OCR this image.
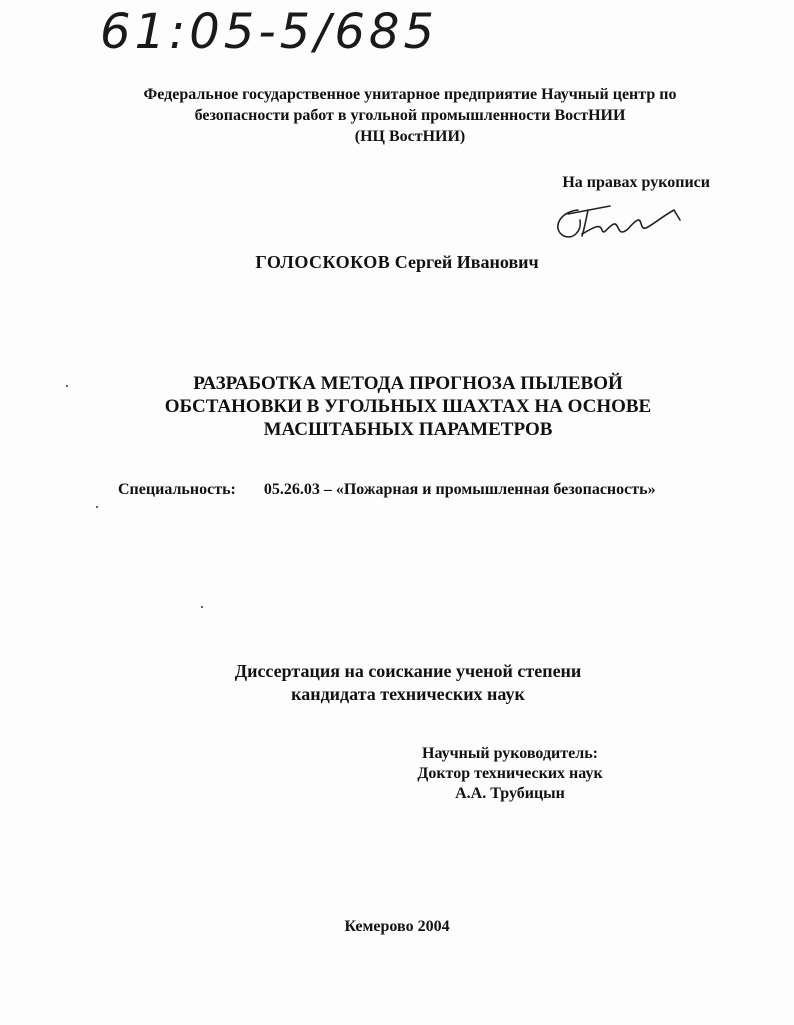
61:05-5/685
Федеральное государственное унитарное предприятие Научный центр по
безопасности работ в угольной промышленности ВостНИИ
(НЦ ВостНИИ)
На правах рукописи
ГОЛОСКОКОВ Сергей Иванович
РАЗРАБОТКА МЕТОДА ПРОГНОЗА ПЫЛЕВОЙ
ОБСТАНОВКИ В УГОЛЬНЫХ ШАХТАХ НА ОСНОВЕ
МАСШТАБНЫХ ПАРАМЕТРОВ
Специальность: 05.26.03 – «Пожарная и промышленная безопасность»
Диссертация на соискание ученой степени
кандидата технических наук
Научный руководитель:
Доктор технических наук
А.А. Трубицын
Кемерово 2004
